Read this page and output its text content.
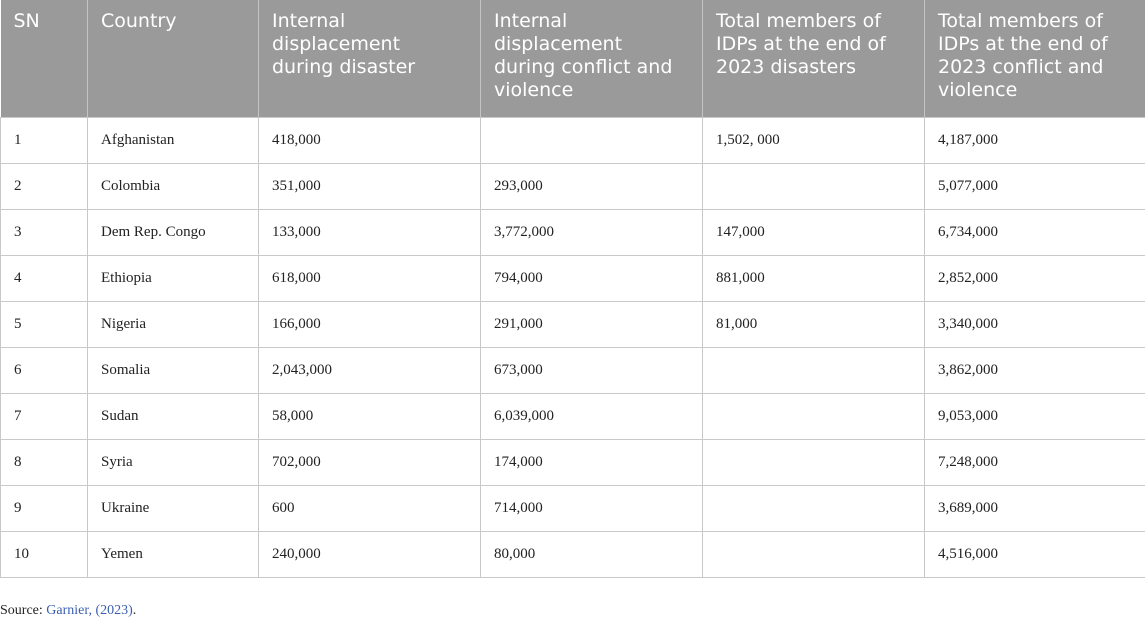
SN	Country	Internal displacement during disaster	Internal displacement during conflict and violence	Total members of IDPs at the end of 2023 disasters	Total members of IDPs at the end of 2023 conflict and violence
1	Afghanistan	418,000		1,502, 000	4,187,000
2	Colombia	351,000	293,000		5,077,000
3	Dem Rep. Congo	133,000	3,772,000	147,000	6,734,000
4	Ethiopia	618,000	794,000	881,000	2,852,000
5	Nigeria	166,000	291,000	81,000	3,340,000
6	Somalia	2,043,000	673,000		3,862,000
7	Sudan	58,000	6,039,000		9,053,000
8	Syria	702,000	174,000		7,248,000
9	Ukraine	600	714,000		3,689,000
10	Yemen	240,000	80,000		4,516,000
Source: Garnier, (2023).
